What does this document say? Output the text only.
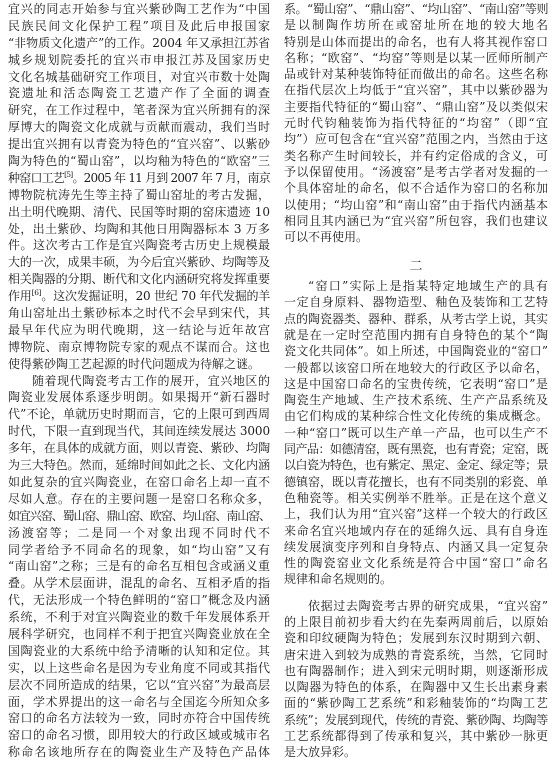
宜兴的同志开始参与宜兴紫砂陶工艺作为“中国
民族民间文化保护工程”项目及此后申报国家
“非物质文化遗产”的工作。2004 年又承担江苏省
城乡规划院委托的宜兴市申报江苏及国家历史
文化名城基础研究工作项目，对宜兴市数十处陶
瓷遗址和活态陶瓷工艺遗产作了全面的调查
研究，在工作过程中，笔者深为宜兴所拥有的深
厚博大的陶瓷文化成就与贡献而震动，我们当时
提出宜兴拥有以青瓷为特色的“宜兴窑”、以紫砂
陶为特色的“蜀山窑”，以均釉为特色的“欧窑”三
种窑口工艺[5]。2005 年 11 月到 2007 年 7 月，南京
博物院杭涛先生等主持了蜀山窑址的考古发掘，
出土明代晚期、清代、民国等时期的窑床遗迹 10
处，出土紫砂、均陶和其他日用陶器标本 3 万多
件。这次考古工作是宜兴陶瓷考古历史上规模最
大的一次，成果丰硕，为今后宜兴紫砂、均陶等及
相关陶器的分期、断代和文化内涵研究将发挥重要
作用[6]。这次发掘证明，20 世纪 70 年代发掘的羊
角山窑址出土紫砂标本之时代不会早到宋代，其
最早年代应为明代晚期，这一结论与近年故宫
博物院、南京博物院专家的观点不谋而合。这也
使得紫砂陶工艺起源的时代问题成为待解之谜。
随着现代陶瓷考古工作的展开，宜兴地区的
陶瓷业发展体系逐步明朗。如果揭开“新石器时
代”不论，单就历史时期而言，它的上限可到西周
时代，下限一直到现当代，其间连续发展达 3000
多年，在具体的成就方面，则以青瓷、紫砂、均陶
为三大特色。然而，延绵时间如此之长、文化内涵
如此复杂的宜兴陶瓷业，在窑口命名上却一直不
尽如人意。存在的主要问题一是窑口名称众多，
如宜兴窑、蜀山窑、鼎山窑、欧窑、均山窑、南山窑、
汤渡窑等；二是同一个对象出现不同时代不
同学者给予不同命名的现象，如“均山窑”又有
“南山窑”之称；三是有的命名互相包含或涵义重
叠。从学术层面讲，混乱的命名、互相矛盾的指
代，无法形成一个特色鲜明的“窑口”概念及内涵
系统，不利于对宜兴陶瓷业的数千年发展体系开
展科学研究，也同样不利于把宜兴陶瓷业放在全
国陶瓷业的大系统中给予清晰的认知和定位。其
实，以上这些命名是因为专业角度不同或其指代
层次不同所造成的结果，它以“宜兴窑”为最高层
面，学术界提出的这一命名与全国迄今所知众多
窑口的命名方法较为一致，同时亦符合中国传统
窑口的命名习惯，即用较大的行政区域或城市名
称命名该地所存在的陶瓷业生产及特色产品体
系。“蜀山窑”、“鼎山窑”、“均山窑”、“南山窑”等则
是以制陶作坊所在或窑址所在地的较大地名
特别是山体而提出的命名，也有人将其视作窑口
名称；“欧窑”、“均窑”等则是以某一匠师所制产
品或针对某种装饰特征而做出的命名。这些名称
在指代层次上均低于“宜兴窑”，其中以紫砂器为
主要指代特征的“蜀山窑”、“鼎山窑”及以类似宋
元时代钧釉装饰为指代特征的“均窑”（即“宜
均”）应可包含在“宜兴窑”范围之内，当然由于这
类名称产生时间较长，并有约定俗成的含义，可
予以保留使用。“汤渡窑”是考古学者对发掘的一
个具体窑址的命名，似不合适作为窑口的名称加
以使用；“均山窑”和“南山窑”由于指代内涵基本
相同且其内涵已为“宜兴窑”所包容，我们也建议
可以不再使用。
二
“窑口”实际上是指某特定地域生产的具有
一定自身原料、器物造型、釉色及装饰和工艺特
点的陶瓷器类、器种、群系，从考古学上说，其实
就是在一定时空范围内拥有自身特色的某个“陶
瓷文化共同体”。如上所述，中国陶瓷业的“窑口”
一般都以该窑口所在地较大的行政区予以命名，
这是中国窑口命名的宝贵传统，它表明“窑口”是
陶瓷生产地域、生产技术系统、生产产品系统及
由它们构成的某种综合性文化传统的集成概念。
一种“窑口”既可以生产单一产品，也可以生产不
同产品：如德清窑，既有黑瓷，也有青瓷；定窑，既
以白瓷为特色，也有紫定、黑定、金定、绿定等；景
德镇窑，既以青花擅长，也有不同类别的彩瓷、单
色釉瓷等。相关实例举不胜举。正是在这个意义
上，我们认为用“宜兴窑”这样一个较大的行政区
来命名宜兴地域内存在的延绵久远、具有自身连
续发展演变序列和自身特点、内涵又具一定复杂
性的陶瓷窑业文化系统是符合中国“窑口”命名
规律和命名规则的。
依据过去陶瓷考古界的研究成果，“宜兴窑”
的上限目前初步看大约在先秦两周前后，以原始
瓷和印纹硬陶为特色；发展到东汉时期到六朝、
唐宋进入到较为成熟的青瓷系统，当然，它同时
也有陶器制作；进入到宋元明时期，则逐渐形成
以陶器为特色的体系，在陶器中又生长出素身素
面的“紫砂陶工艺系统”和彩釉装饰的“均陶工艺
系统”；发展到现代，传统的青瓷、紫砂陶、均陶等
工艺系统都得到了传承和复兴，其中紫砂一脉更
是大放异彩。
